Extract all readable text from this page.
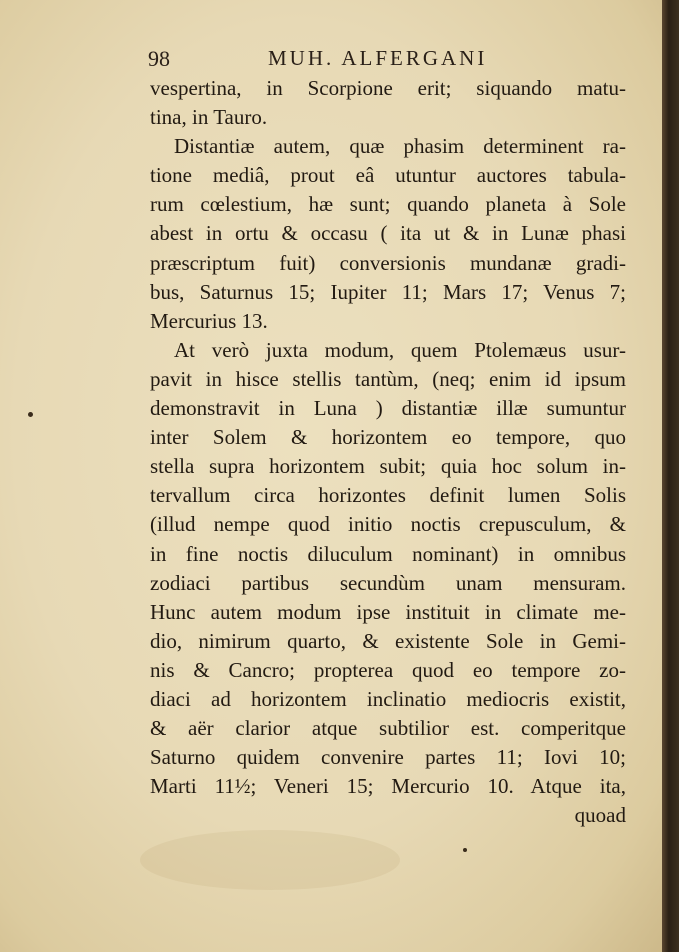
98	MUH. ALFERGANI
vespertina, in Scorpione erit; siquando matu-
tina, in Tauro.
Distantiæ autem, quæ phasim determinent ra-
tione mediâ, prout eâ utuntur auctores tabula-
rum cœlestium, hæ sunt; quando planeta à Sole
abest in ortu & occasu ( ita ut & in Lunæ phasi
præscriptum fuit) conversionis mundanæ gradi-
bus, Saturnus 15; Iupiter 11; Mars 17; Venus 7;
Mercurius 13.
At verò juxta modum, quem Ptolemæus usur-
pavit in hisce stellis tantùm, (neq; enim id ipsum
demonstravit in Luna ) distantiæ illæ sumuntur
inter Solem & horizontem eo tempore, quo
stella supra horizontem subit; quia hoc solum in-
tervallum circa horizontes definit lumen Solis
(illud nempe quod initio noctis crepusculum, &
in fine noctis diluculum nominant) in omnibus
zodiaci partibus secundùm unam mensuram.
Hunc autem modum ipse instituit in climate me-
dio, nimirum quarto, & existente Sole in Gemi-
nis & Cancro; propterea quod eo tempore zo-
diaci ad horizontem inclinatio mediocris existit,
& aër clarior atque subtilior est. comperitque
Saturno quidem convenire partes 11; Iovi 10;
Marti 11½; Veneri 15; Mercurio 10. Atque ita,
quoad
